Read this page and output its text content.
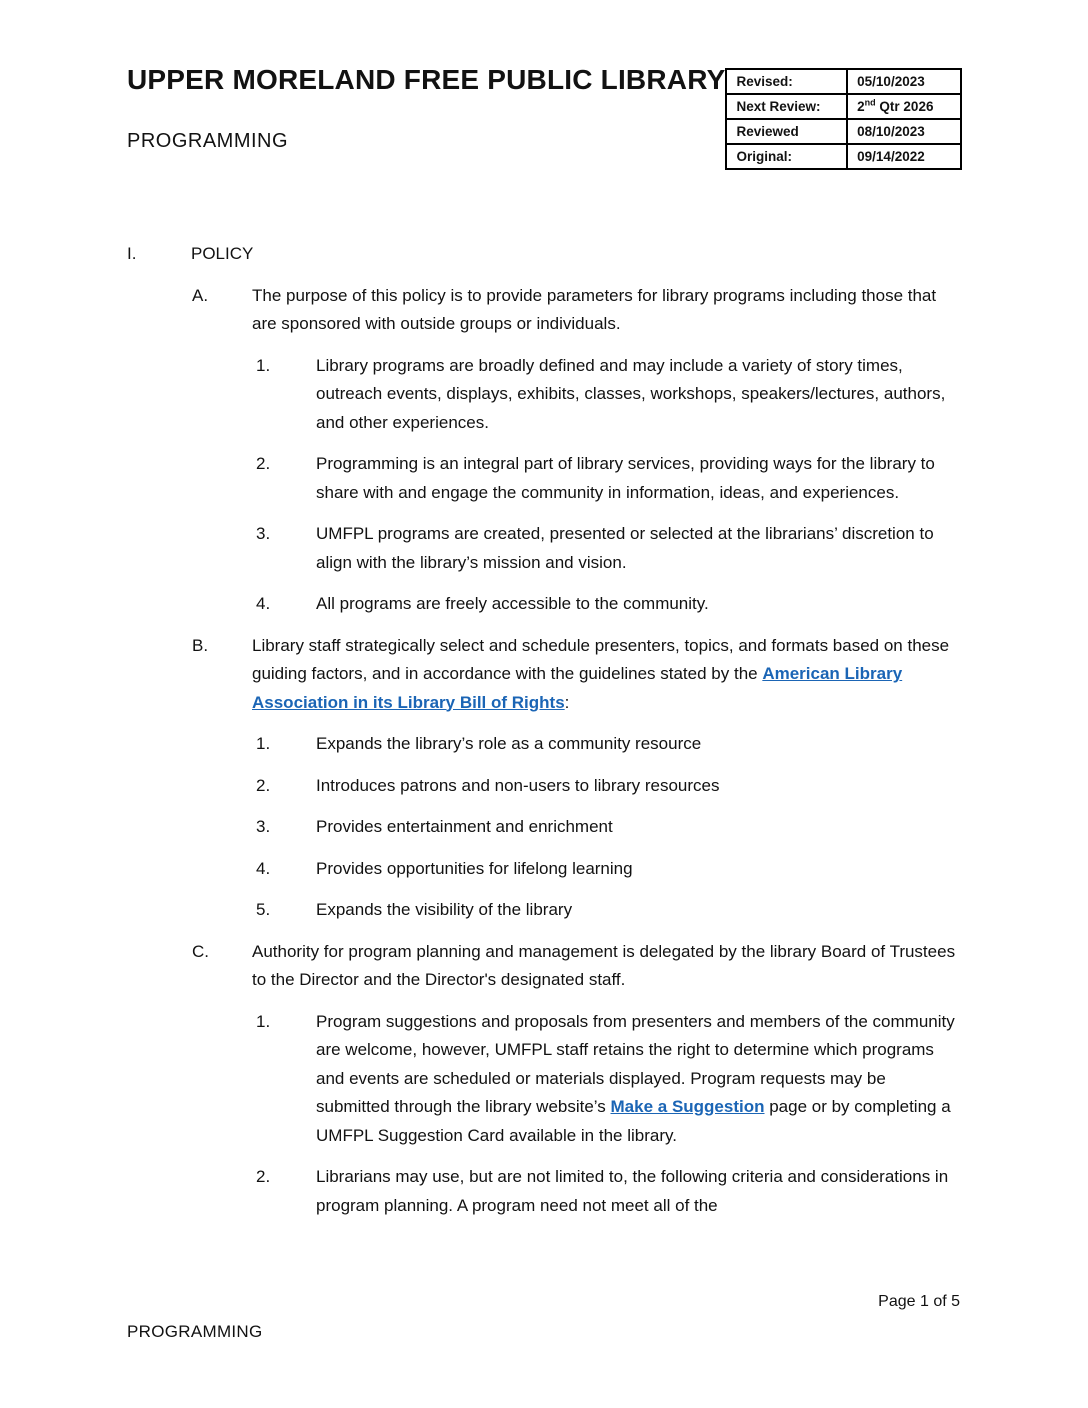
UPPER MORELAND FREE PUBLIC LIBRARY
PROGRAMMING
Revised:	05/10/2023
Next Review:	2nd Qtr 2026
Reviewed	08/10/2023
Original:	09/14/2022
I.	POLICY
A.	The purpose of this policy is to provide parameters for library programs including those that are sponsored with outside groups or individuals.
1.	Library programs are broadly defined and may include a variety of story times, outreach events, displays, exhibits, classes, workshops, speakers/lectures, authors, and other experiences.
2.	Programming is an integral part of library services, providing ways for the library to share with and engage the community in information, ideas, and experiences.
3.	UMFPL programs are created, presented or selected at the librarians’ discretion to align with the library’s mission and vision.
4.	All programs are freely accessible to the community.
B.	Library staff strategically select and schedule presenters, topics, and formats based on these guiding factors, and in accordance with the guidelines stated by the American Library Association in its Library Bill of Rights:
1.	Expands the library’s role as a community resource
2.	Introduces patrons and non-users to library resources
3.	Provides entertainment and enrichment
4.	Provides opportunities for lifelong learning
5.	Expands the visibility of the library
C.	Authority for program planning and management is delegated by the library Board of Trustees to the Director and the Director's designated staff.
1.	Program suggestions and proposals from presenters and members of the community are welcome, however, UMFPL staff retains the right to determine which programs and events are scheduled or materials displayed. Program requests may be submitted through the library website’s Make a Suggestion page or by completing a UMFPL Suggestion Card available in the library.
2.	Librarians may use, but are not limited to, the following criteria and considerations in program planning. A program need not meet all of the
Page 1 of 5
PROGRAMMING
